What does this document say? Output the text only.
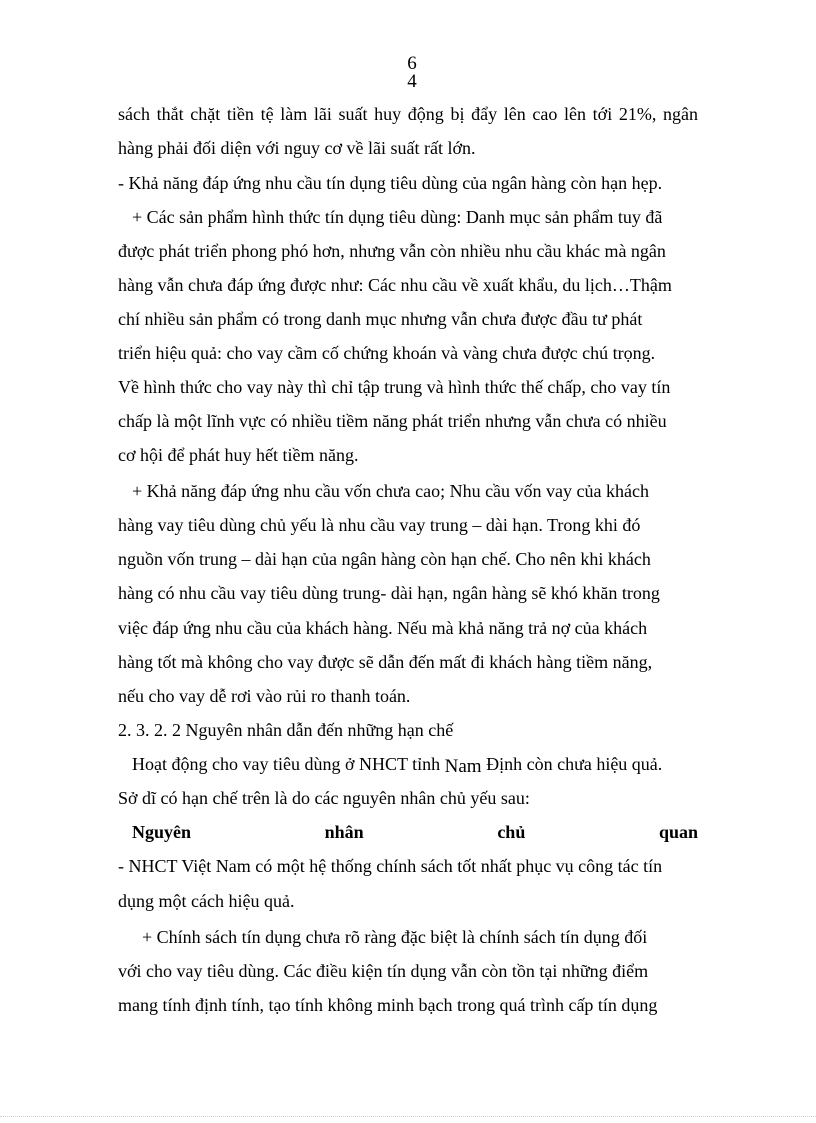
6
4
sách thắt chặt tiền tệ làm lãi suất huy động bị đẩy lên cao lên tới 21%, ngân
hàng phải đối diện với nguy cơ về lãi suất rất lớn.
- Khả năng đáp ứng nhu cầu tín dụng tiêu dùng của ngân hàng còn hạn hẹp.
+ Các sản phẩm hình thức tín dụng tiêu dùng: Danh mục sản phẩm tuy đã
được phát triển phong phó hơn, nhưng vẫn còn nhiều nhu cầu khác mà ngân
hàng vẫn chưa đáp ứng được như: Các nhu cầu về xuất khẩu, du lịch…Thậm
chí nhiều sản phẩm có trong danh mục nhưng vẫn chưa được đầu tư phát
triển hiệu quả: cho vay cầm cố chứng khoán và vàng chưa được chú trọng.
Về hình thức cho vay này thì chỉ tập trung và hình thức thế chấp, cho vay tín
chấp là một lĩnh vực có nhiều tiềm năng phát triển nhưng vẫn chưa có nhiều
cơ hội để phát huy hết tiềm năng.
+ Khả năng đáp ứng nhu cầu vốn chưa cao; Nhu cầu vốn vay của khách
hàng vay tiêu dùng chủ yếu là nhu cầu vay trung – dài hạn. Trong khi đó
nguồn vốn trung – dài hạn của ngân hàng còn hạn chế. Cho nên khi khách
hàng có nhu cầu vay tiêu dùng trung- dài hạn, ngân hàng sẽ khó khăn trong
việc đáp ứng nhu cầu của khách hàng. Nếu mà khả năng trả nợ của khách
hàng tốt mà không cho vay được sẽ dẫn đến mất đi khách hàng tiềm năng,
nếu cho vay dễ rơi vào rủi ro thanh toán.
2. 3. 2. 2 Nguyên nhân dẫn đến những hạn chế
Hoạt động cho vay tiêu dùng ở NHCT tỉnh Nam Định còn chưa hiệu quả.
Sở dĩ có hạn chế trên là do các nguyên nhân chủ yếu sau:
Nguyên	nhân	chủ	quan
- NHCT Việt Nam có một hệ thống chính sách tốt nhất phục vụ công tác tín
dụng một cách hiệu quả.
+ Chính sách tín dụng chưa rõ ràng đặc biệt là chính sách tín dụng đối
với cho vay tiêu dùng. Các điều kiện tín dụng vẫn còn tồn tại những điểm
mang tính định tính, tạo tính không minh bạch trong quá trình cấp tín dụng
